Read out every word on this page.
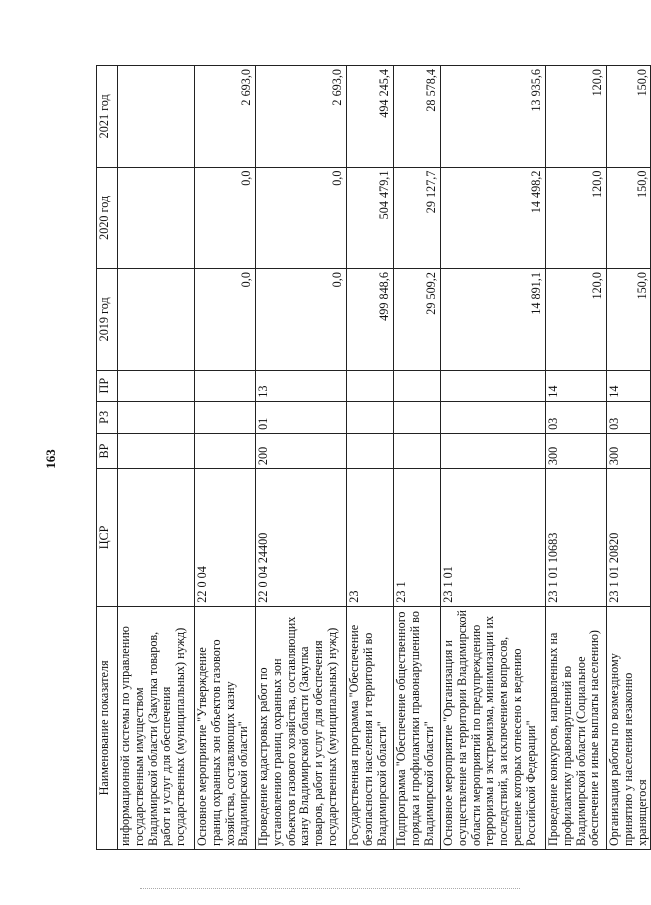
163
Наименование показателя	ЦСР	ВР	РЗ	ПР	2019 год	2020 год	2021 год
информационной системы по управлению государственным имуществом Владимирской области (Закупка товаров, работ и услуг для обеспечения государственных (муниципальных) нужд)							
Основное мероприятие "Утверждение границ охранных зон объектов газового хозяйства, составляющих казну Владимирской области"	22 0 04				0,0	0,0	2 693,0
Проведение кадастровых работ по установлению границ охранных зон объектов газового хозяйства, составляющих казну Владимирской области (Закупка товаров, работ и услуг для обеспечения государственных (муниципальных) нужд)	22 0 04 24400	200	01	13	0,0	0,0	2 693,0
Государственная программа "Обеспечение безопасности населения и территорий во Владимирской области"	23				499 848,6	504 479,1	494 245,4
Подпрограмма "Обеспечение общественного порядка и профилактики правонарушений во Владимирской области"	23 1				29 509,2	29 127,7	28 578,4
Основное мероприятие "Организация и осуществление на территории Владимирской области мероприятий по предупреждению терроризма и экстремизма, минимизации их последствий, за исключением вопросов, решение которых отнесено к ведению Российской Федерации"	23 1 01				14 891,1	14 498,2	13 935,6
Проведение конкурсов, направленных на профилактику правонарушений во Владимирской области (Социальное обеспечение и иные выплаты населению)	23 1 01 10683	300	03	14	120,0	120,0	120,0
Организация работы по возмездному принятию у населения незаконно хранящегося	23 1 01 20820	300	03	14	150,0	150,0	150,0
